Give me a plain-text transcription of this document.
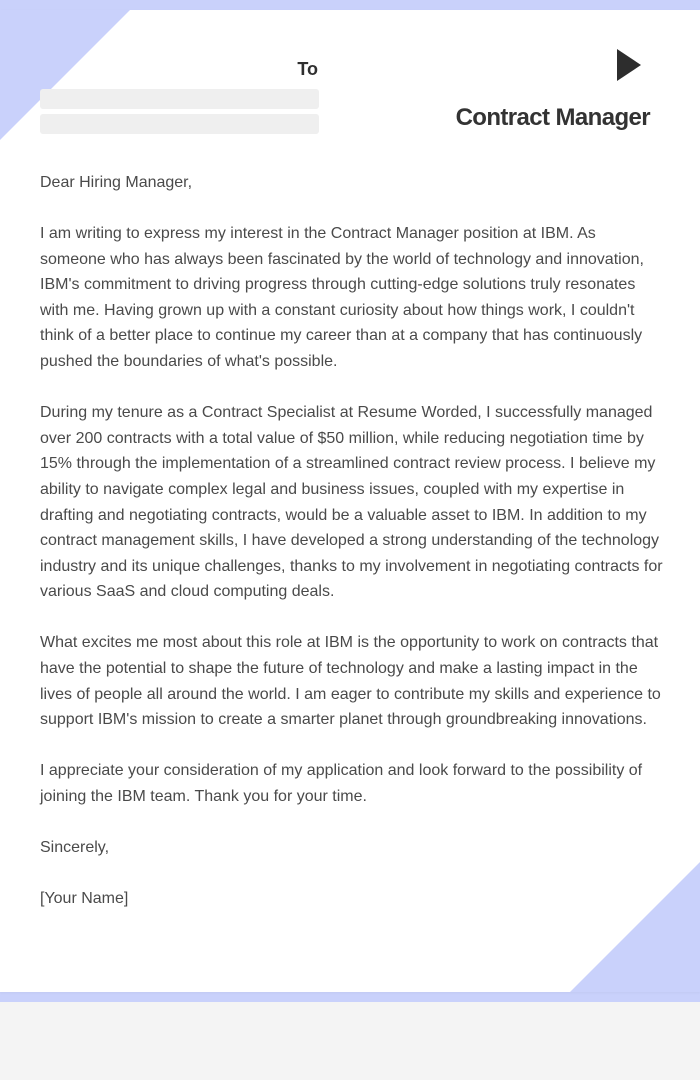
To
Contract Manager

Dear Hiring Manager,

I am writing to express my interest in the Contract Manager position at IBM. As someone who has always been fascinated by the world of technology and innovation, IBM's commitment to driving progress through cutting-edge solutions truly resonates with me. Having grown up with a constant curiosity about how things work, I couldn't think of a better place to continue my career than at a company that has continuously pushed the boundaries of what's possible.

During my tenure as a Contract Specialist at Resume Worded, I successfully managed over 200 contracts with a total value of $50 million, while reducing negotiation time by 15% through the implementation of a streamlined contract review process. I believe my ability to navigate complex legal and business issues, coupled with my expertise in drafting and negotiating contracts, would be a valuable asset to IBM. In addition to my contract management skills, I have developed a strong understanding of the technology industry and its unique challenges, thanks to my involvement in negotiating contracts for various SaaS and cloud computing deals.

What excites me most about this role at IBM is the opportunity to work on contracts that have the potential to shape the future of technology and make a lasting impact in the lives of people all around the world. I am eager to contribute my skills and experience to support IBM's mission to create a smarter planet through groundbreaking innovations.

I appreciate your consideration of my application and look forward to the possibility of joining the IBM team. Thank you for your time.

Sincerely,

[Your Name]
